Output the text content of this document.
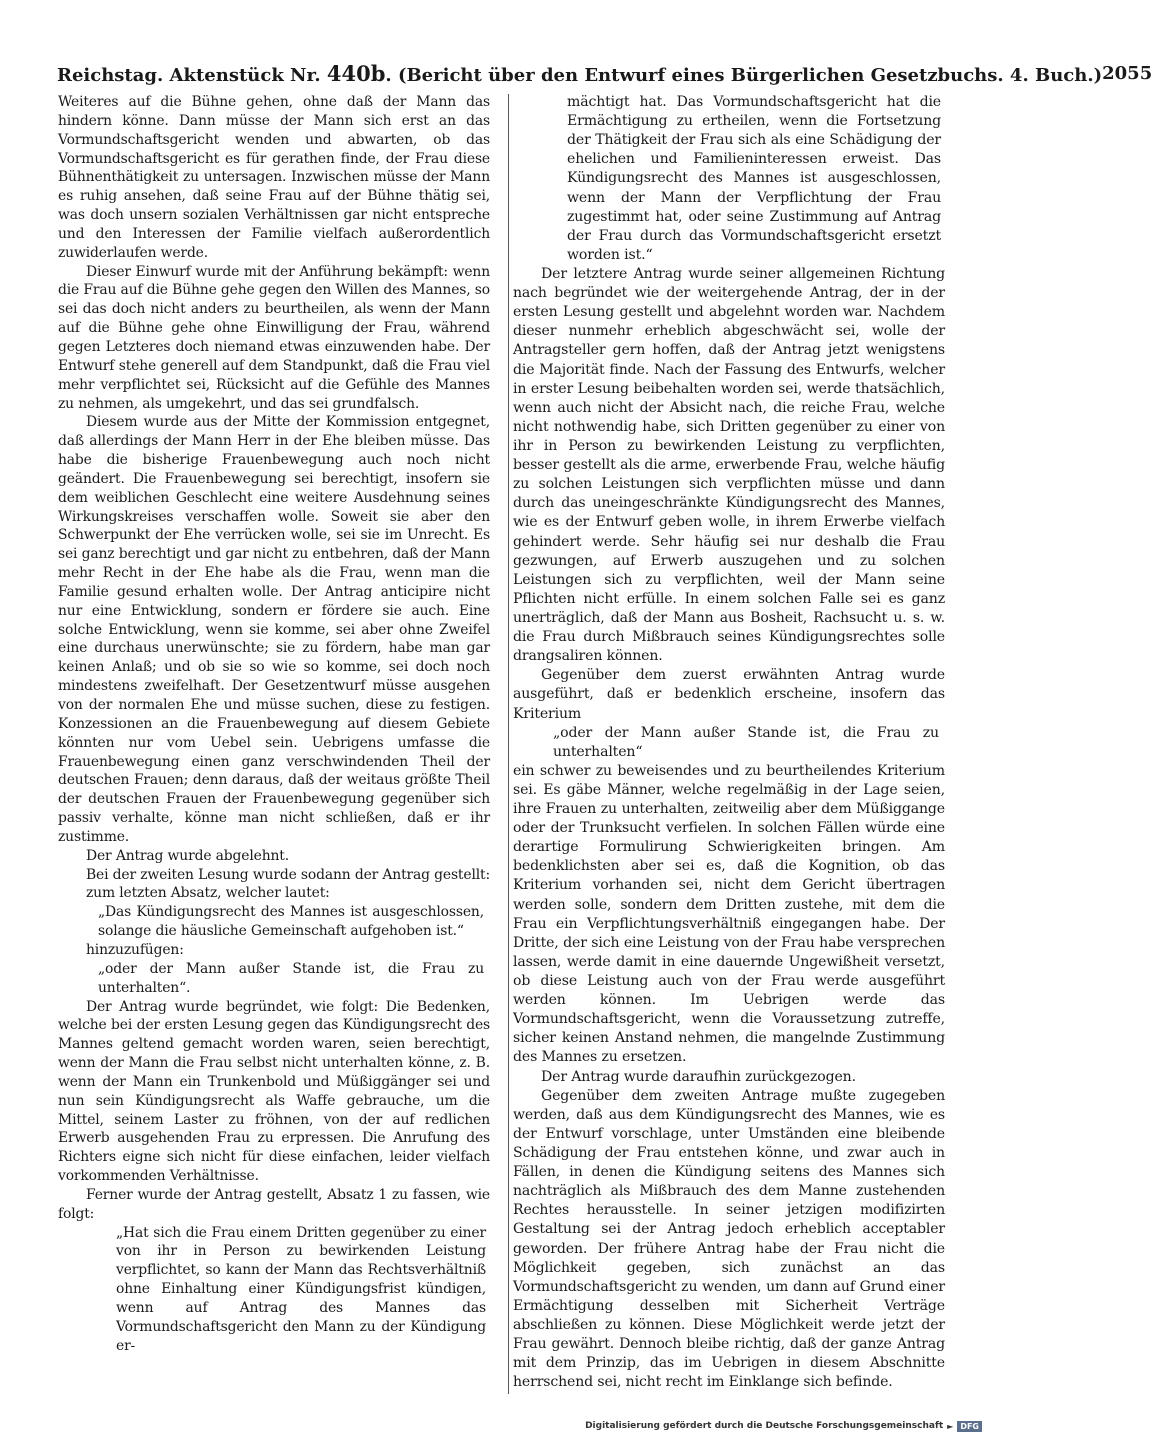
Reichstag. Aktenstück Nr. 440b. (Bericht über den Entwurf eines Bürgerlichen Gesetzbuchs. 4. Buch.) 2055

Weiteres auf die Bühne gehen, ohne daß der Mann das hindern könne. Dann müsse der Mann sich erst an das Vormundschaftsgericht wenden und abwarten, ob das Vormundschaftsgericht es für gerathen finde, der Frau diese Bühnenthätigkeit zu untersagen. Inzwischen müsse der Mann es ruhig ansehen, daß seine Frau auf der Bühne thätig sei, was doch unsern sozialen Verhältnissen gar nicht entspreche und den Interessen der Familie vielfach außerordentlich zuwiderlaufen werde.

Dieser Einwurf wurde mit der Anführung bekämpft: wenn die Frau auf die Bühne gehe gegen den Willen des Mannes, so sei das doch nicht anders zu beurtheilen, als wenn der Mann auf die Bühne gehe ohne Einwilligung der Frau, während gegen Letzteres doch niemand etwas einzuwenden habe. Der Entwurf stehe generell auf dem Standpunkt, daß die Frau viel mehr verpflichtet sei, Rücksicht auf die Gefühle des Mannes zu nehmen, als umgekehrt, und das sei grundfalsch.

Diesem wurde aus der Mitte der Kommission entgegnet, daß allerdings der Mann Herr in der Ehe bleiben müsse. Das habe die bisherige Frauenbewegung auch noch nicht geändert. Die Frauenbewegung sei berechtigt, insofern sie dem weiblichen Geschlecht eine weitere Ausdehnung seines Wirkungskreises verschaffen wolle. Soweit sie aber den Schwerpunkt der Ehe verrücken wolle, sei sie im Unrecht. Es sei ganz berechtigt und gar nicht zu entbehren, daß der Mann mehr Recht in der Ehe habe als die Frau, wenn man die Familie gesund erhalten wolle. Der Antrag anticipire nicht nur eine Entwicklung, sondern er fördere sie auch. Eine solche Entwicklung, wenn sie komme, sei aber ohne Zweifel eine durchaus unerwünschte; sie zu fördern, habe man gar keinen Anlaß; und ob sie so wie so komme, sei doch noch mindestens zweifelhaft. Der Gesetzentwurf müsse ausgehen von der normalen Ehe und müsse suchen, diese zu festigen. Konzessionen an die Frauenbewegung auf diesem Gebiete könnten nur vom Uebel sein. Uebrigens umfasse die Frauenbewegung einen ganz verschwindenden Theil der deutschen Frauen; denn daraus, daß der weitaus größte Theil der deutschen Frauen der Frauenbewegung gegenüber sich passiv verhalte, könne man nicht schließen, daß er ihr zustimme.

Der Antrag wurde abgelehnt.

Bei der zweiten Lesung wurde sodann der Antrag gestellt:

zum letzten Absatz, welcher lautet:

„Das Kündigungsrecht des Mannes ist ausgeschlossen, solange die häusliche Gemeinschaft aufgehoben ist.“

hinzuzufügen:

„oder der Mann außer Stande ist, die Frau zu unterhalten“.

Der Antrag wurde begründet, wie folgt: Die Bedenken, welche bei der ersten Lesung gegen das Kündigungsrecht des Mannes geltend gemacht worden waren, seien berechtigt, wenn der Mann die Frau selbst nicht unterhalten könne, z. B. wenn der Mann ein Trunkenbold und Müßiggänger sei und nun sein Kündigungsrecht als Waffe gebrauche, um die Mittel, seinem Laster zu fröhnen, von der auf redlichen Erwerb ausgehenden Frau zu erpressen. Die Anrufung des Richters eigne sich nicht für diese einfachen, leider vielfach vorkommenden Verhältnisse.

Ferner wurde der Antrag gestellt, Absatz 1 zu fassen, wie folgt:

„Hat sich die Frau einem Dritten gegenüber zu einer von ihr in Person zu bewirkenden Leistung verpflichtet, so kann der Mann das Rechtsverhältniß ohne Einhaltung einer Kündigungsfrist kündigen, wenn auf Antrag des Mannes das Vormundschaftsgericht den Mann zu der Kündigung er-

mächtigt hat. Das Vormundschaftsgericht hat die Ermächtigung zu ertheilen, wenn die Fortsetzung der Thätigkeit der Frau sich als eine Schädigung der ehelichen und Familieninteressen erweist. Das Kündigungsrecht des Mannes ist ausgeschlossen, wenn der Mann der Verpflichtung der Frau zugestimmt hat, oder seine Zustimmung auf Antrag der Frau durch das Vormundschaftsgericht ersetzt worden ist.“

Der letztere Antrag wurde seiner allgemeinen Richtung nach begründet wie der weitergehende Antrag, der in der ersten Lesung gestellt und abgelehnt worden war. Nachdem dieser nunmehr erheblich abgeschwächt sei, wolle der Antragsteller gern hoffen, daß der Antrag jetzt wenigstens die Majorität finde. Nach der Fassung des Entwurfs, welcher in erster Lesung beibehalten worden sei, werde thatsächlich, wenn auch nicht der Absicht nach, die reiche Frau, welche nicht nothwendig habe, sich Dritten gegenüber zu einer von ihr in Person zu bewirkenden Leistung zu verpflichten, besser gestellt als die arme, erwerbende Frau, welche häufig zu solchen Leistungen sich verpflichten müsse und dann durch das uneingeschränkte Kündigungsrecht des Mannes, wie es der Entwurf geben wolle, in ihrem Erwerbe vielfach gehindert werde. Sehr häufig sei nur deshalb die Frau gezwungen, auf Erwerb auszugehen und zu solchen Leistungen sich zu verpflichten, weil der Mann seine Pflichten nicht erfülle. In einem solchen Falle sei es ganz unerträglich, daß der Mann aus Bosheit, Rachsucht u. s. w. die Frau durch Mißbrauch seines Kündigungsrechtes solle drangsaliren können.

Gegenüber dem zuerst erwähnten Antrag wurde ausgeführt, daß er bedenklich erscheine, insofern das Kriterium

„oder der Mann außer Stande ist, die Frau zu unterhalten“

ein schwer zu beweisendes und zu beurtheilendes Kriterium sei. Es gäbe Männer, welche regelmäßig in der Lage seien, ihre Frauen zu unterhalten, zeitweilig aber dem Müßiggange oder der Trunksucht verfielen. In solchen Fällen würde eine derartige Formulirung Schwierigkeiten bringen. Am bedenklichsten aber sei es, daß die Kognition, ob das Kriterium vorhanden sei, nicht dem Gericht übertragen werden solle, sondern dem Dritten zustehe, mit dem die Frau ein Verpflichtungsverhältniß eingegangen habe. Der Dritte, der sich eine Leistung von der Frau habe versprechen lassen, werde damit in eine dauernde Ungewißheit versetzt, ob diese Leistung auch von der Frau werde ausgeführt werden können. Im Uebrigen werde das Vormundschaftsgericht, wenn die Voraussetzung zutreffe, sicher keinen Anstand nehmen, die mangelnde Zustimmung des Mannes zu ersetzen.

Der Antrag wurde daraufhin zurückgezogen.

Gegenüber dem zweiten Antrage mußte zugegeben werden, daß aus dem Kündigungsrecht des Mannes, wie es der Entwurf vorschlage, unter Umständen eine bleibende Schädigung der Frau entstehen könne, und zwar auch in Fällen, in denen die Kündigung seitens des Mannes sich nachträglich als Mißbrauch des dem Manne zustehenden Rechtes herausstelle. In seiner jetzigen modifizirten Gestaltung sei der Antrag jedoch erheblich acceptabler geworden. Der frühere Antrag habe der Frau nicht die Möglichkeit gegeben, sich zunächst an das Vormundschaftsgericht zu wenden, um dann auf Grund einer Ermächtigung desselben mit Sicherheit Verträge abschließen zu können. Diese Möglichkeit werde jetzt der Frau gewährt. Dennoch bleibe richtig, daß der ganze Antrag mit dem Prinzip, das im Uebrigen in diesem Abschnitte herrschend sei, nicht recht im Einklange sich befinde.

Digitalisierung gefördert durch die Deutsche Forschungsgemeinschaft ► DFG
